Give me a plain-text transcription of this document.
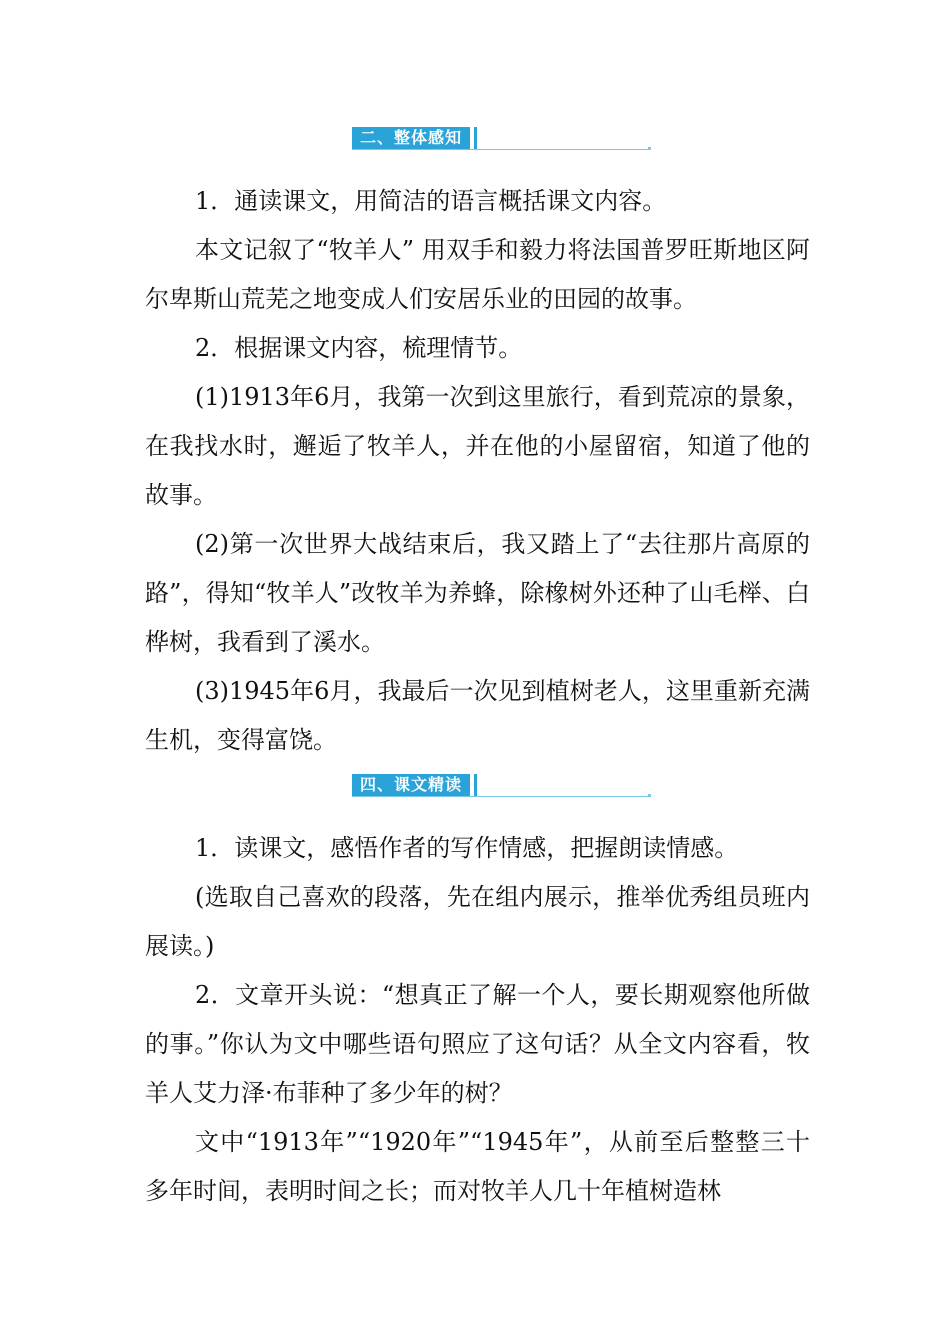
二、整体感知

1．通读课文，用简洁的语言概括课文内容。

本文记叙了“牧羊人” 用双手和毅力将法国普罗旺斯地区阿尔卑斯山荒芜之地变成人们安居乐业的田园的故事。

2．根据课文内容，梳理情节。

(1)1913年6月，我第一次到这里旅行，看到荒凉的景象，在我找水时，邂逅了牧羊人，并在他的小屋留宿，知道了他的故事。

(2)第一次世界大战结束后，我又踏上了“去往那片高原的路”，得知“牧羊人”改牧羊为养蜂，除橡树外还种了山毛榉、白桦树，我看到了溪水。

(3)1945年6月，我最后一次见到植树老人，这里重新充满生机，变得富饶。

四、课文精读

1．读课文，感悟作者的写作情感，把握朗读情感。

(选取自己喜欢的段落，先在组内展示，推举优秀组员班内展读。)

2．文章开头说：“想真正了解一个人，要长期观察他所做的事。”你认为文中哪些语句照应了这句话？从全文内容看，牧羊人艾力泽·布菲种了多少年的树？

文中“1913年”“1920年”“1945年”，从前至后整整三十多年时间，表明时间之长；而对牧羊人几十年植树造林
